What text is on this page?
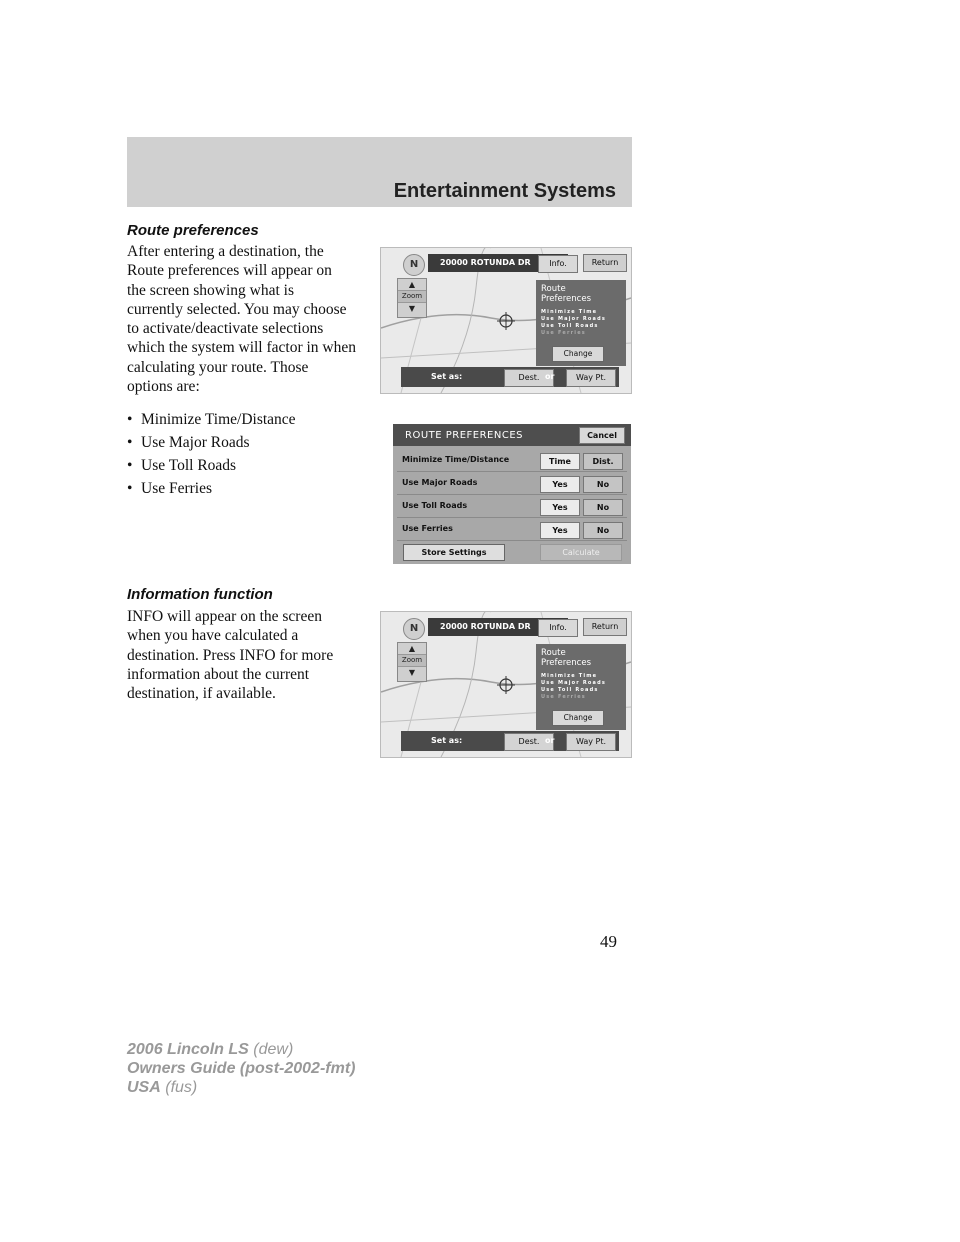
Entertainment Systems
Route preferences
After entering a destination, the
Route preferences will appear on
the screen showing what is
currently selected. You may choose
to activate/deactivate selections
which the system will factor in when
calculating your route. Those
options are:
• Minimize Time/Distance
• Use Major Roads
• Use Toll Roads
• Use Ferries
Information function
INFO will appear on the screen
when you have calculated a
destination. Press INFO for more
information about the current
destination, if available.
N	20000 ROTUNDA DR	Info.	Return
▲
Zoom
▼
Route
Preferences
Minimize Time
Use Major Roads
Use Toll Roads
Use Ferries
Change
Set as:	Dest. or	Way Pt.
ROUTE PREFERENCES	Cancel
Minimize Time/Distance	Time	Dist.
Use Major Roads	Yes	No
Use Toll Roads	Yes	No
Use Ferries	Yes	No
Store Settings	Calculate
N	20000 ROTUNDA DR	Info.	Return
▲
Zoom
▼
Route
Preferences
Minimize Time
Use Major Roads
Use Toll Roads
Use Ferries
Change
Set as:	Dest. or	Way Pt.
49
2006 Lincoln LS (dew)
Owners Guide (post-2002-fmt)
USA (fus)
